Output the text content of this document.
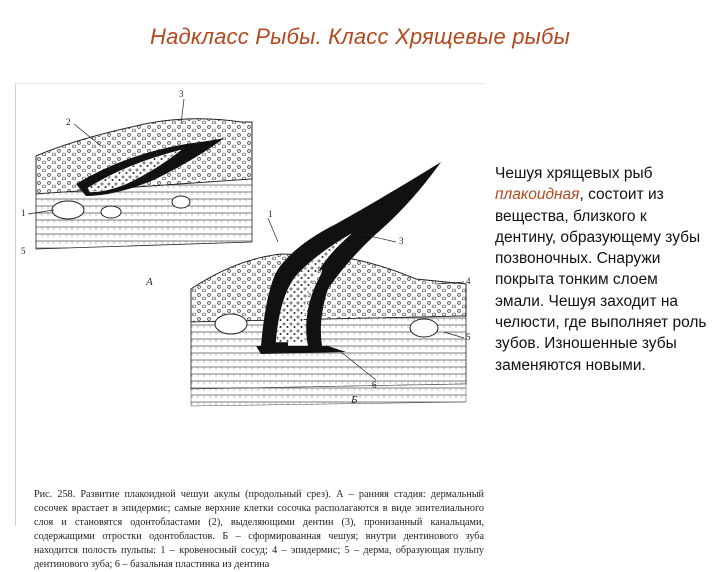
Надкласс Рыбы. Класс Хрящевые рыбы
3
2
1
5
1
3
4
5
6
А
Б
Рис. 258. Развитие плакоидной чешуи акулы (продольный срез). А – ранняя стадия: дермальный сосочек врастает в эпидермис; самые верхние клетки сосочка располагаются в виде эпителиального слоя и становятся одонтобластами (2), выделяющими дентин (3), пронизанный канальцами, содержащими отростки одонтобластов. Б – сформированная чешуя; внутри дентинового зуба находится полость пульпы: 1 – кровеносный сосуд; 4 – эпидермис; 5 – дерма, образующая пульпу дентинового зуба; 6 – базальная пластинка из дентина
Чешуя хрящевых рыб плакоидная, состоит из вещества, близкого к дентину, образующему зубы позвоночных. Снаружи покрыта тонким слоем эмали. Чешуя заходит на челюсти, где выполняет роль зубов. Изношенные зубы заменяются новыми.
